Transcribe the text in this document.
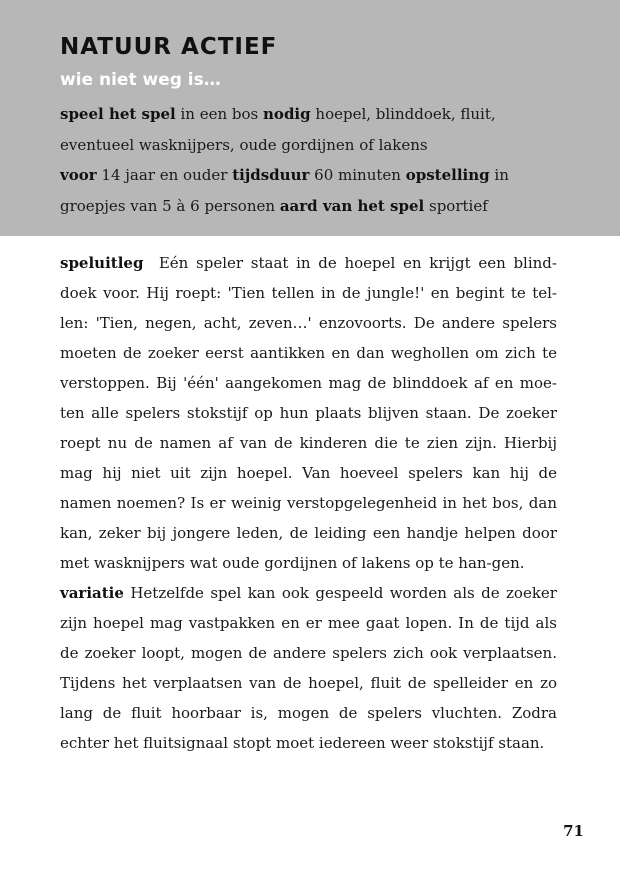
NATUUR ACTIEF
wie niet weg is…

speel het spel in een bos nodig hoepel, blinddoek, fluit, eventueel wasknijpers, oude gordijnen of lakens
voor 14 jaar en ouder tijdsduur 60 minuten opstelling in groepjes van 5 à 6 personen aard van het spel sportief

speluitleg Eén speler staat in de hoepel en krijgt een blind-doek voor. Hij roept: 'Tien tellen in de jungle!' en begint te tel-len: 'Tien, negen, acht, zeven…' enzovoorts. De andere spelers moeten de zoeker eerst aantikken en dan weghollen om zich te verstoppen. Bij 'één' aangekomen mag de blinddoek af en moe-ten alle spelers stokstijf op hun plaats blijven staan. De zoeker roept nu de namen af van de kinderen die te zien zijn. Hierbij mag hij niet uit zijn hoepel. Van hoeveel spelers kan hij de namen noemen? Is er weinig verstopgelegenheid in het bos, dan kan, zeker bij jongere leden, de leiding een handje helpen door met wasknijpers wat oude gordijnen of lakens op te han-gen.

variatie Hetzelfde spel kan ook gespeeld worden als de zoeker zijn hoepel mag vastpakken en er mee gaat lopen. In de tijd als de zoeker loopt, mogen de andere spelers zich ook verplaatsen. Tijdens het verplaatsen van de hoepel, fluit de spelleider en zo lang de fluit hoorbaar is, mogen de spelers vluchten. Zodra echter het fluitsignaal stopt moet iedereen weer stokstijf staan.

71
